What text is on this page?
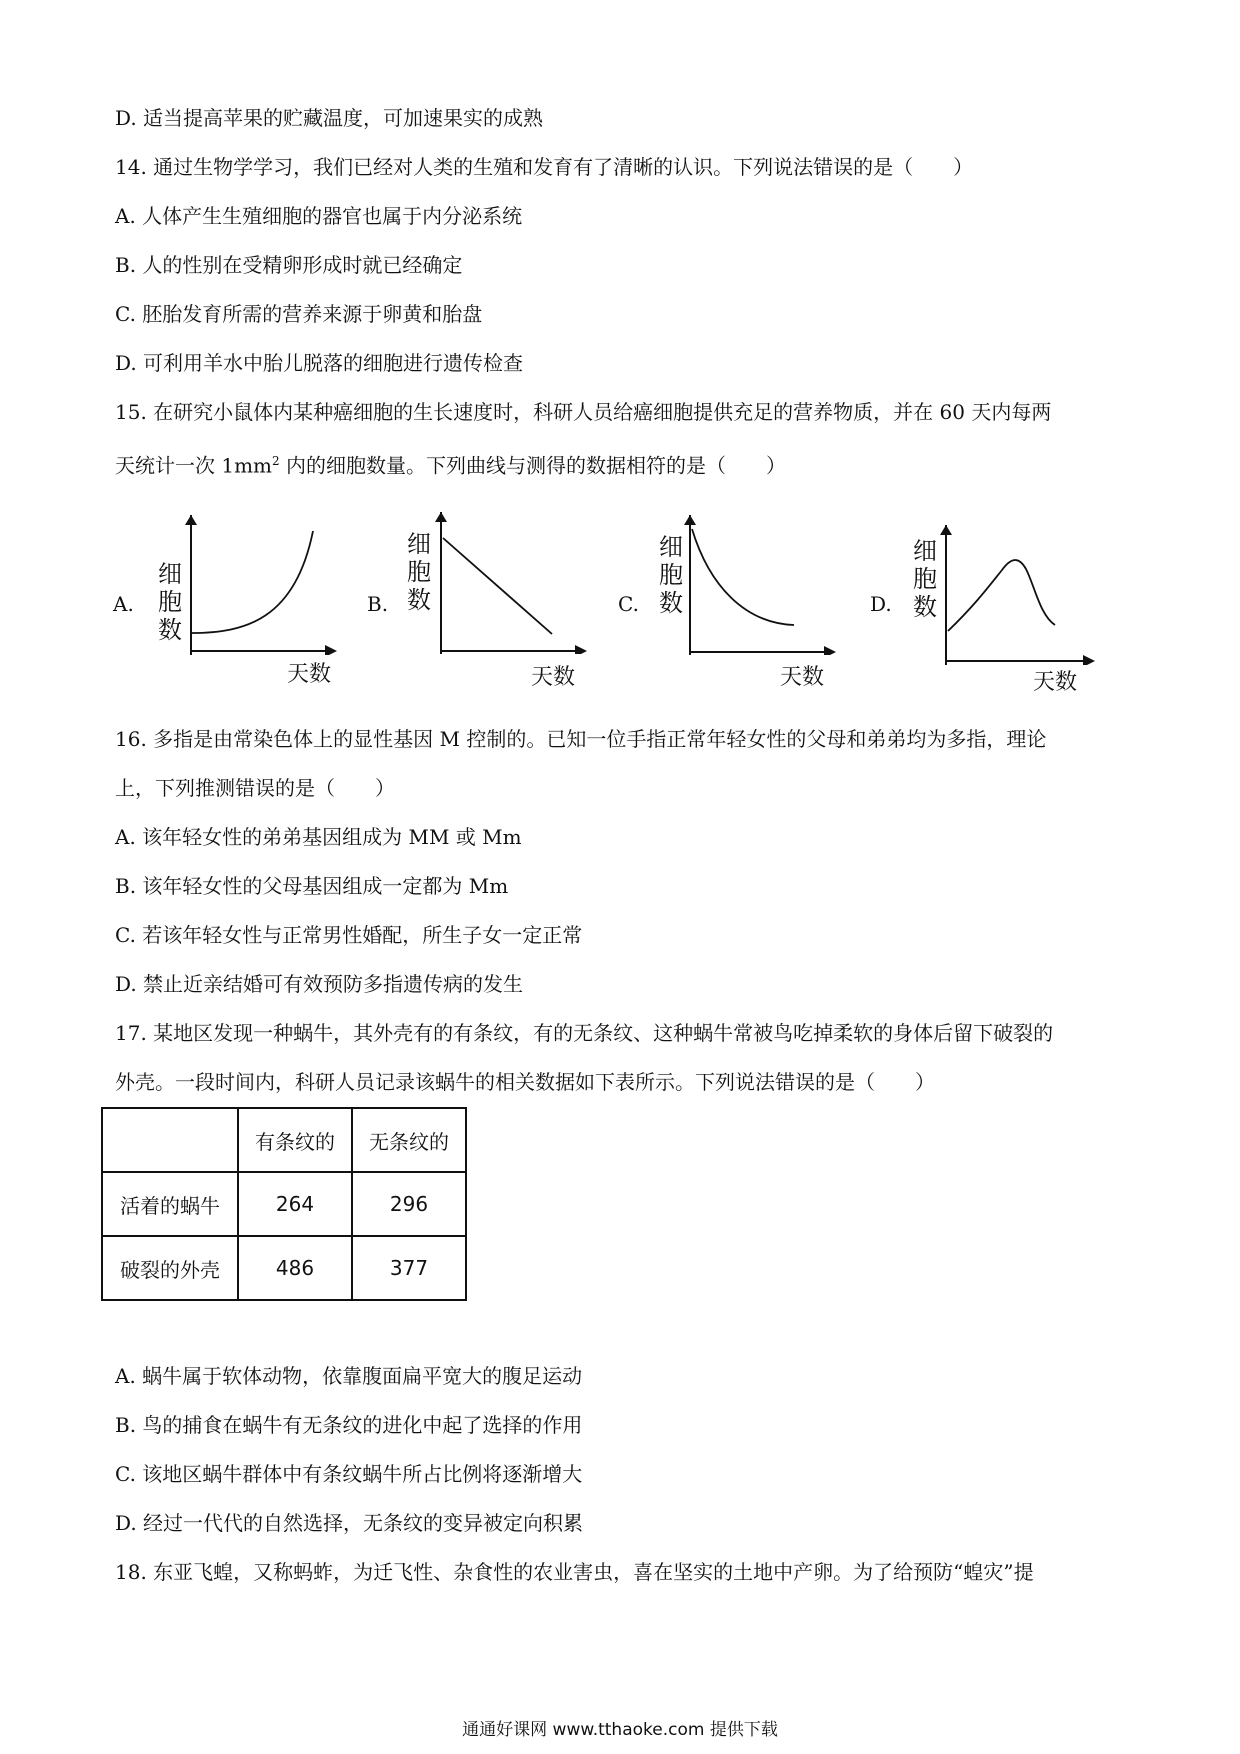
D. 适当提高苹果的贮藏温度，可加速果实的成熟
14. 通过生物学学习，我们已经对人类的生殖和发育有了清晰的认识。下列说法错误的是（　　）
A. 人体产生生殖细胞的器官也属于内分泌系统
B. 人的性别在受精卵形成时就已经确定
C. 胚胎发育所需的营养来源于卵黄和胎盘
D. 可利用羊水中胎儿脱落的细胞进行遗传检查
15. 在研究小鼠体内某种癌细胞的生长速度时，科研人员给癌细胞提供充足的营养物质，并在 60 天内每两
天统计一次 $1mm^2$ 内的细胞数量。下列曲线与测得的数据相符的是（　　）
A.
细
胞
数
天数
B.
细
胞
数
天数
C.
细
胞
数
天数
D.
细
胞
数
天数
16. 多指是由常染色体上的显性基因 M 控制的。已知一位手指正常年轻女性的父母和弟弟均为多指，理论
上，下列推测错误的是（　　）
A. 该年轻女性的弟弟基因组成为 MM 或 Mm
B. 该年轻女性的父母基因组成一定都为 Mm
C. 若该年轻女性与正常男性婚配，所生子女一定正常
D. 禁止近亲结婚可有效预防多指遗传病的发生
17. 某地区发现一种蜗牛，其外壳有的有条纹，有的无条纹、这种蜗牛常被鸟吃掉柔软的身体后留下破裂的
外壳。一段时间内，科研人员记录该蜗牛的相关数据如下表所示。下列说法错误的是（　　）
	有条纹的	无条纹的
活着的蜗牛	264	296
破裂的外壳	486	377
A. 蜗牛属于软体动物，依靠腹面扁平宽大的腹足运动
B. 鸟的捕食在蜗牛有无条纹的进化中起了选择的作用
C. 该地区蜗牛群体中有条纹蜗牛所占比例将逐渐增大
D. 经过一代代的自然选择，无条纹的变异被定向积累
18. 东亚飞蝗，又称蚂蚱，为迁飞性、杂食性的农业害虫，喜在坚实的土地中产卵。为了给预防“蝗灾”提
通通好课网 www.tthaoke.com 提供下载
